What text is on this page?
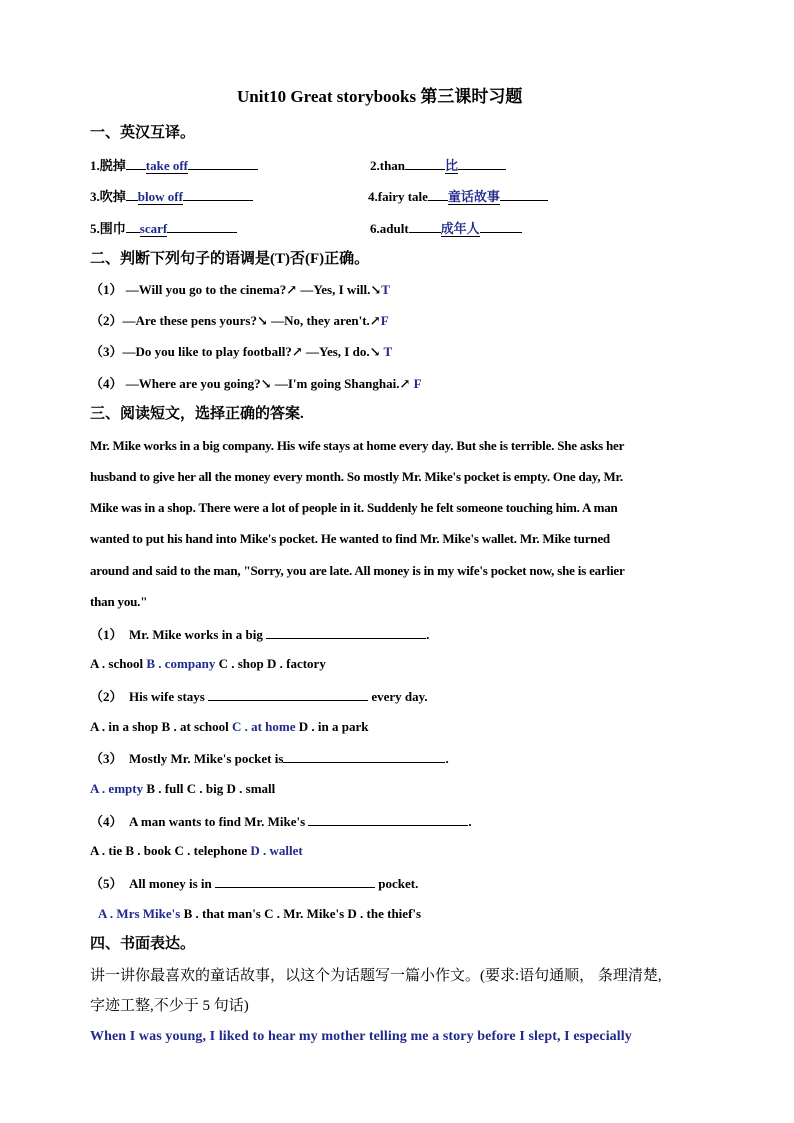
Unit10 Great storybooks 第三课时习题
一、英汉互译。
1.脱掉 take off	2.than	比
3.吹掉 blow off	4.fairy tale 童话故事
5.围巾 scarf	6.adult 成年人
二、判断下列句子的语调是(T)否(F)正确。
（1） —Will you go to the cinema?↗ —Yes, I will.↘T
（2）—Are these pens yours?↘ —No, they aren't.↗F
（3）—Do you like to play football?↗ —Yes, I do.↘ T
（4） —Where are you going?↘ —I'm going Shanghai.↗ F
三、阅读短文，选择正确的答案.
Mr. Mike works in a big company. His wife stays at home every day. But she is terrible. She asks her
husband to give her all the money every month. So mostly Mr. Mike's pocket is empty. One day, Mr.
Mike was in a shop. There were a lot of people in it. Suddenly he felt someone touching him. A man
wanted to put his hand into Mike's pocket. He wanted to find Mr. Mike's wallet. Mr. Mike turned
around and said to the man, "Sorry, you are late. All money is in my wife's pocket now, she is earlier
than you."
（1） Mr. Mike works in a big	.
A . school B . company C . shop D . factory
（2） His wife stays	every day.
A . in a shop B . at school C . at home D . in a park
（3） Mostly Mr. Mike's pocket is	.
A . empty B . full C . big D . small
（4） A man wants to find Mr. Mike's	.
A . tie B . book C . telephone D . wallet
（5） All money is in	pocket.
A . Mrs Mike's B . that man's C . Mr. Mike's D . the thief's
四、书面表达。
讲一讲你最喜欢的童话故事，以这个为话题写一篇小作文。(要求:语句通顺， 条理清楚,
字迹工整,不少于 5 句话)
When I was young, I liked to hear my mother telling me a story before I slept, I especially
